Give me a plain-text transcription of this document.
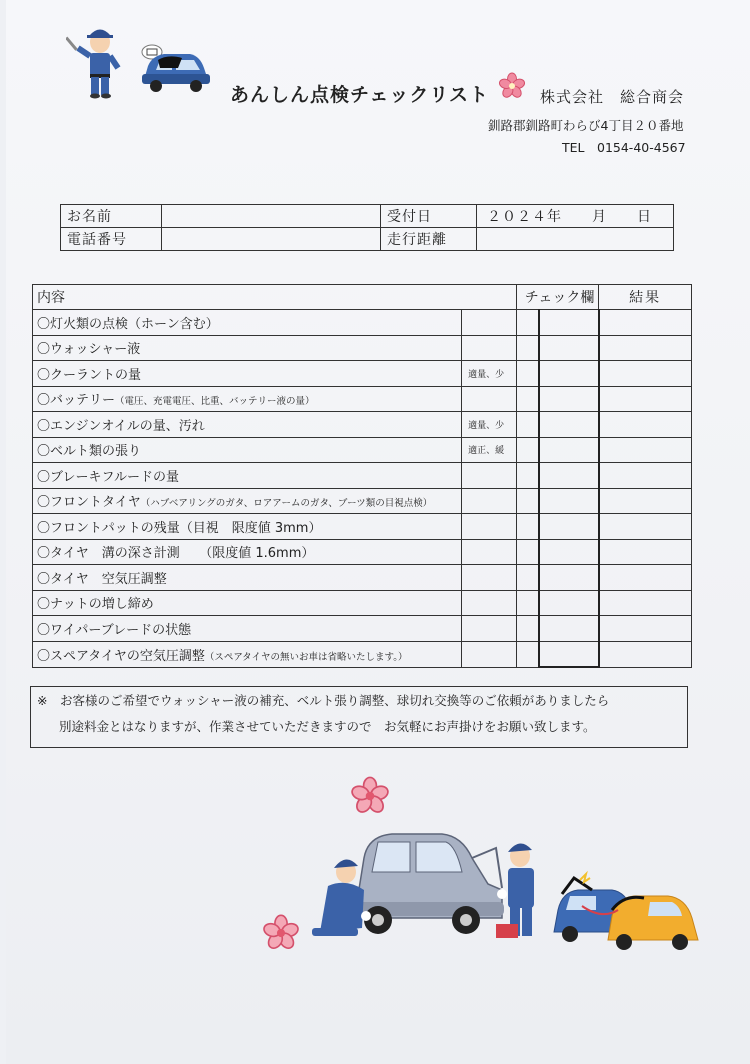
あんしん点検チェックリスト	株式会社　総合商会
釧路郡釧路町わらび4丁目２０番地
TEL　0154-40-4567
お名前		受付日	２０２４年　　月　　日
電話番号		走行距離	
内容		チェック欄		結果
〇灯火類の点検（ホーン含む）				
〇ウォッシャー液				
〇クーラントの量	適量、少			
〇バッテリー（電圧、充電電圧、比重、バッテリー液の量）				
〇エンジンオイルの量、汚れ	適量、少			
〇ベルト類の張り	適正、緩			
〇ブレーキフルードの量				
〇フロントタイヤ（ハブベアリングのガタ、ロアアームのガタ、ブーツ類の目視点検）				
〇フロントパットの残量（目視　限度値 3mm）				
〇タイヤ　溝の深さ計測　　（限度値 1.6mm）				
〇タイヤ　空気圧調整				
〇ナットの増し締め				
〇ワイパーブレードの状態				
〇スペアタイヤの空気圧調整（スペアタイヤの無いお車は省略いたします。）				
※　お客様のご希望でウォッシャー液の補充、ベルト張り調整、球切れ交換等のご依頼がありましたら
別途料金とはなりますが、作業させていただきますので　お気軽にお声掛けをお願い致します。
